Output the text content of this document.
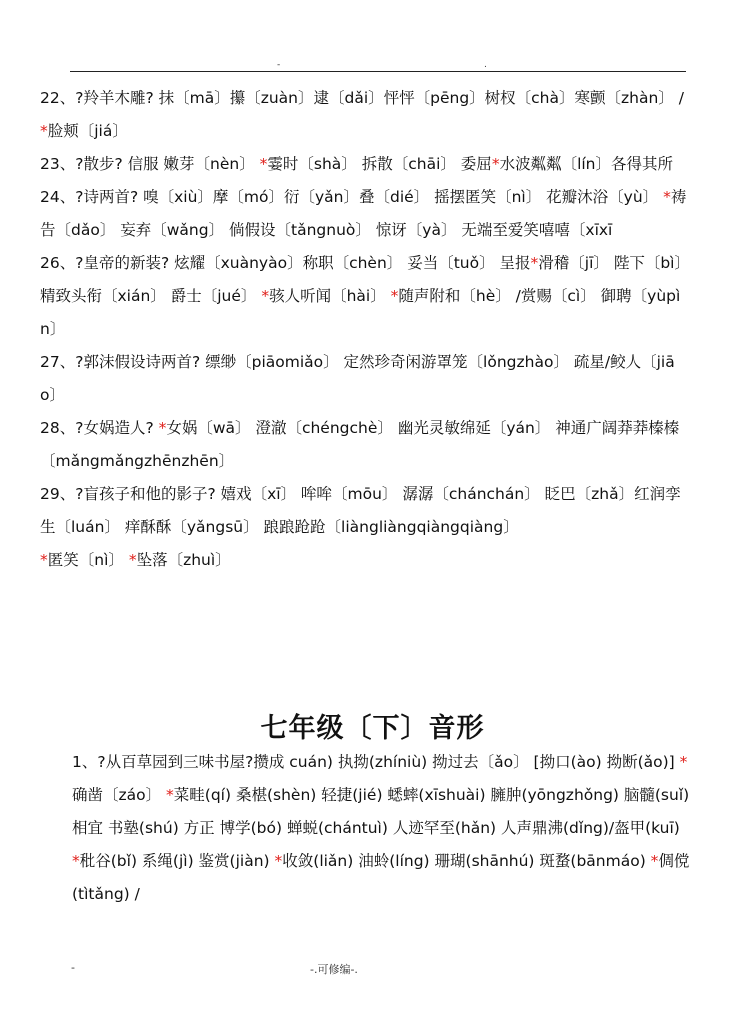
-	.

22、?羚羊木雕? 抹〔mā〕攥〔zuàn〕逮〔dǎi〕怦怦〔pēng〕树杈〔chà〕寒颤〔zhàn〕 / *脸颊〔jiá〕

23、?散步? 信服 嫩芽〔nèn〕 *霎时〔shà〕 拆散〔chāi〕 委屈*水波粼粼〔lín〕各得其所

24、?诗两首? 嗅〔xiù〕摩〔mó〕衍〔yǎn〕叠〔dié〕 摇摆匿笑〔nì〕 花瓣沐浴〔yù〕 *祷告〔dǎo〕 妄弃〔wǎng〕 倘假设〔tǎngnuò〕 惊讶〔yà〕 无端至爱笑嘻嘻〔xīxī

26、?皇帝的新装? 炫耀〔xuànyào〕称职〔chèn〕 妥当〔tuǒ〕 呈报*滑稽〔jī〕 陛下〔bì〕 精致头衔〔xián〕 爵士〔jué〕 *骇人听闻〔hài〕 *随声附和〔hè〕 /赏赐〔cì〕 御聘〔yùpìn〕

27、?郭沫假设诗两首? 缥缈〔piāomiǎo〕 定然珍奇闲游罩笼〔lǒngzhào〕 疏星/鲛人〔jiāo〕

28、?女娲造人? *女娲〔wā〕 澄澈〔chéngchè〕 幽光灵敏绵延〔yán〕 神通广阔莽莽榛榛〔mǎngmǎngzhēnzhēn〕

29、?盲孩子和他的影子? 嬉戏〔xī〕 哞哞〔mōu〕 潺潺〔chánchán〕 眨巴〔zhǎ〕红润孪生〔luán〕 痒酥酥〔yǎngsū〕 踉踉跄跄〔liàngliàngqiàngqiàng〕
*匿笑〔nì〕 *坠落〔zhuì〕

七年级〔下〕音形

1、?从百草园到三味书屋?攒成 cuán) 执拗(zhíniù) 拗过去〔ǎo〕 [拗口(ào) 拗断(ǎo)] *确凿〔záo〕 *菜畦(qí) 桑椹(shèn) 轻捷(jié) 蟋蟀(xīshuài) 臃肿(yōngzhǒng) 脑髓(suǐ) 相宜 书塾(shú) 方正 博学(bó) 蝉蜕(chántuì) 人迹罕至(hǎn) 人声鼎沸(dǐng)/盔甲(kuī) *秕谷(bǐ) 系绳(jì) 鉴赏(jiàn) *收敛(liǎn) 油蛉(líng) 珊瑚(shānhú) 斑蝥(bānmáo) *倜傥(tìtǎng) /

-	-.可修编-.
